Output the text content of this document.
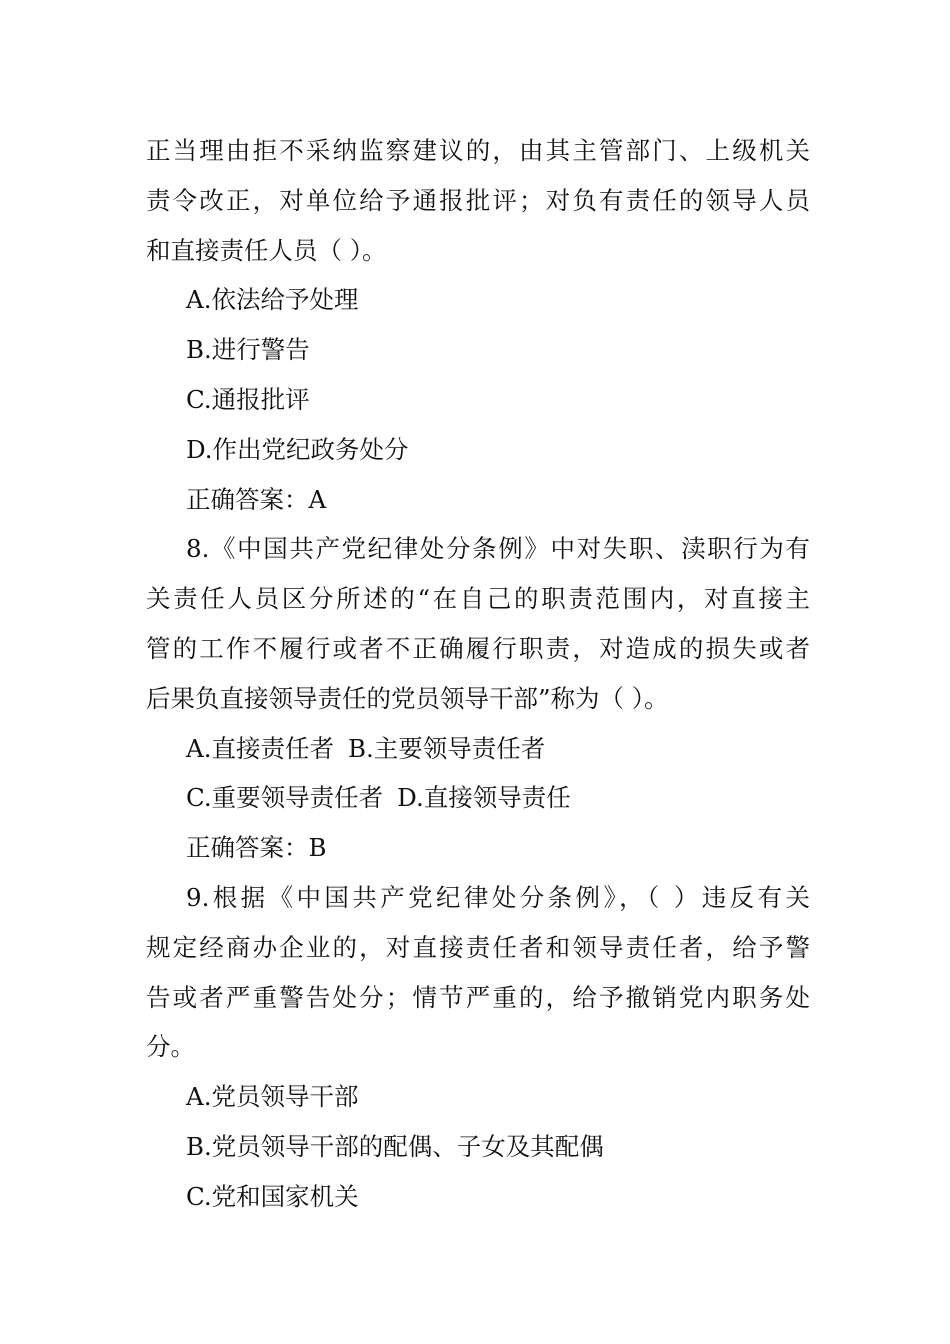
正当理由拒不采纳监察建议的，由其主管部门、上级机关
责令改正，对单位给予通报批评；对负有责任的领导人员
和直接责任人员（ ）。
A.依法给予处理
B.进行警告
C.通报批评
D.作出党纪政务处分
正确答案：A
8.《中国共产党纪律处分条例》中对失职、渎职行为有
关责任人员区分所述的“在自己的职责范围内，对直接主
管的工作不履行或者不正确履行职责，对造成的损失或者
后果负直接领导责任的党员领导干部”称为（ ）。
A.直接责任者 B.主要领导责任者
C.重要领导责任者 D.直接领导责任
正确答案：B
9.根据《中国共产党纪律处分条例》，（ ）违反有关
规定经商办企业的，对直接责任者和领导责任者，给予警
告或者严重警告处分；情节严重的，给予撤销党内职务处
分。
A.党员领导干部
B.党员领导干部的配偶、子女及其配偶
C.党和国家机关
